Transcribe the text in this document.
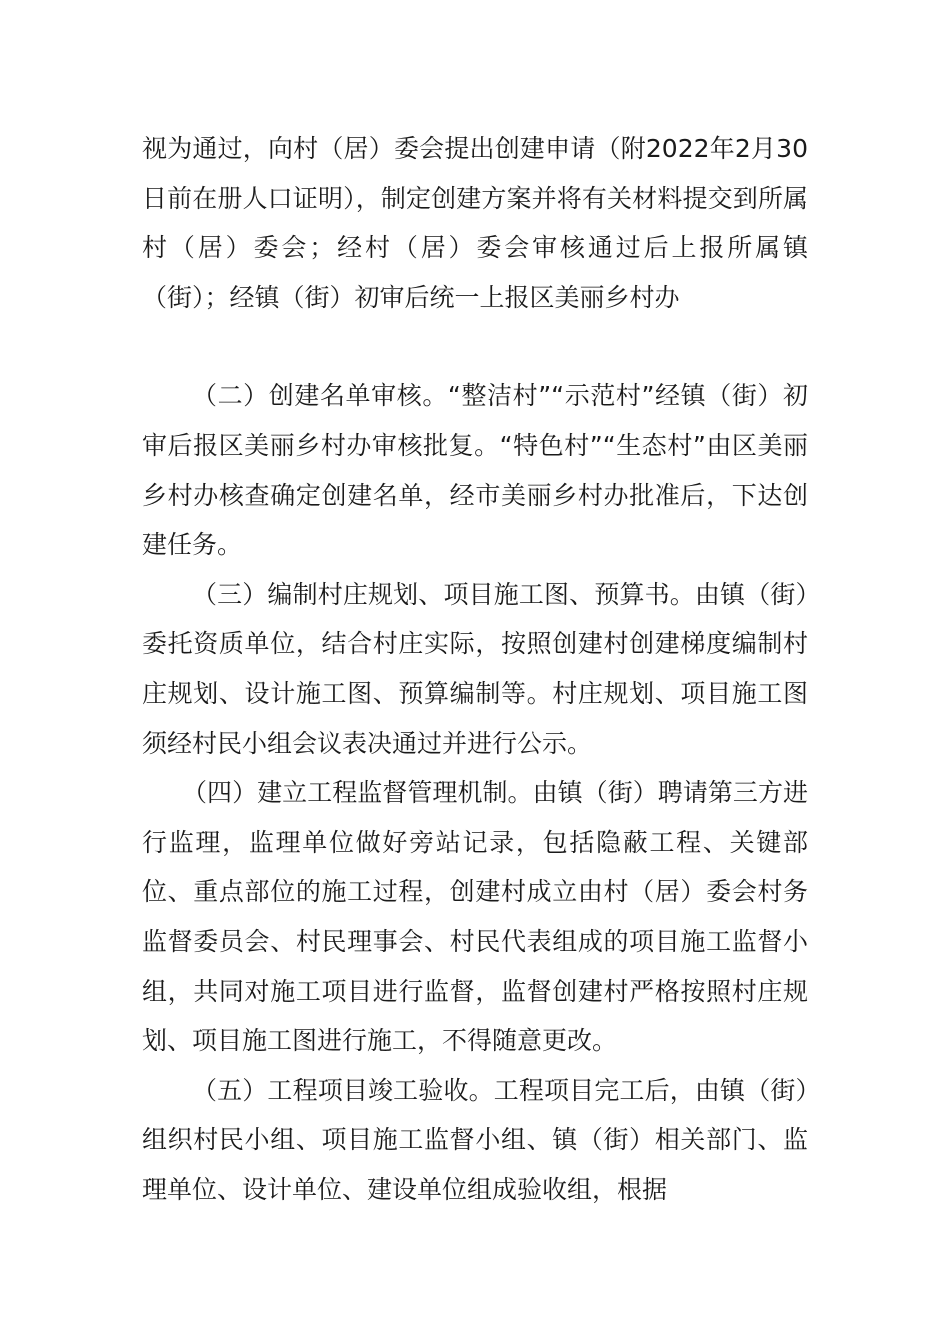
视为通过，向村（居）委会提出创建申请（附2022年2月30日前在册人口证明），制定创建方案并将有关材料提交到所属村（居）委会；经村（居）委会审核通过后上报所属镇（街）；经镇（街）初审后统一上报区美丽乡村办

（二）创建名单审核。“整洁村”“示范村”经镇（街）初审后报区美丽乡村办审核批复。“特色村”“生态村”由区美丽乡村办核查确定创建名单，经市美丽乡村办批准后，下达创建任务。

（三）编制村庄规划、项目施工图、预算书。由镇（街）委托资质单位，结合村庄实际，按照创建村创建梯度编制村庄规划、设计施工图、预算编制等。村庄规划、项目施工图须经村民小组会议表决通过并进行公示。

（四）建立工程监督管理机制。由镇（街）聘请第三方进行监理，监理单位做好旁站记录，包括隐蔽工程、关键部位、重点部位的施工过程，创建村成立由村（居）委会村务监督委员会、村民理事会、村民代表组成的项目施工监督小组，共同对施工项目进行监督，监督创建村严格按照村庄规划、项目施工图进行施工，不得随意更改。

（五）工程项目竣工验收。工程项目完工后，由镇（街）组织村民小组、项目施工监督小组、镇（街）相关部门、监理单位、设计单位、建设单位组成验收组，根据
